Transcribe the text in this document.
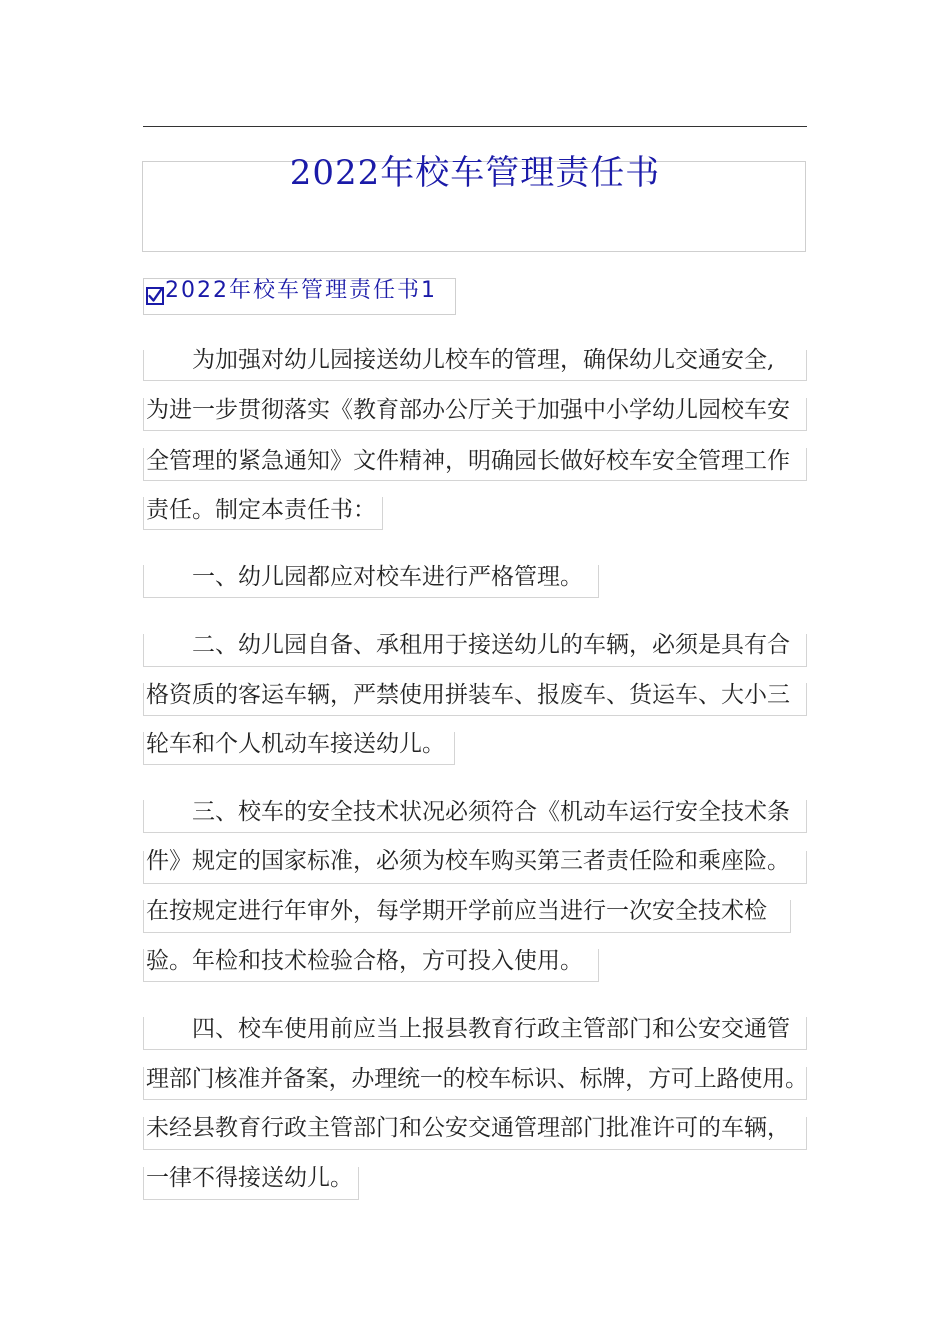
2022年校车管理责任书
2022年校车管理责任书1
为加强对幼儿园接送幼儿校车的管理，确保幼儿交通安全,
为进一步贯彻落实《教育部办公厅关于加强中小学幼儿园校车安
全管理的紧急通知》文件精神，明确园长做好校车安全管理工作
责任。制定本责任书：
一、幼儿园都应对校车进行严格管理。
二、幼儿园自备、承租用于接送幼儿的车辆，必须是具有合
格资质的客运车辆，严禁使用拼装车、报废车、货运车、大小三
轮车和个人机动车接送幼儿。
三、校车的安全技术状况必须符合《机动车运行安全技术条
件》规定的国家标准，必须为校车购买第三者责任险和乘座险。
在按规定进行年审外，每学期开学前应当进行一次安全技术检
验。年检和技术检验合格，方可投入使用。
四、校车使用前应当上报县教育行政主管部门和公安交通管
理部门核准并备案，办理统一的校车标识、标牌，方可上路使用。
未经县教育行政主管部门和公安交通管理部门批准许可的车辆，
一律不得接送幼儿。
